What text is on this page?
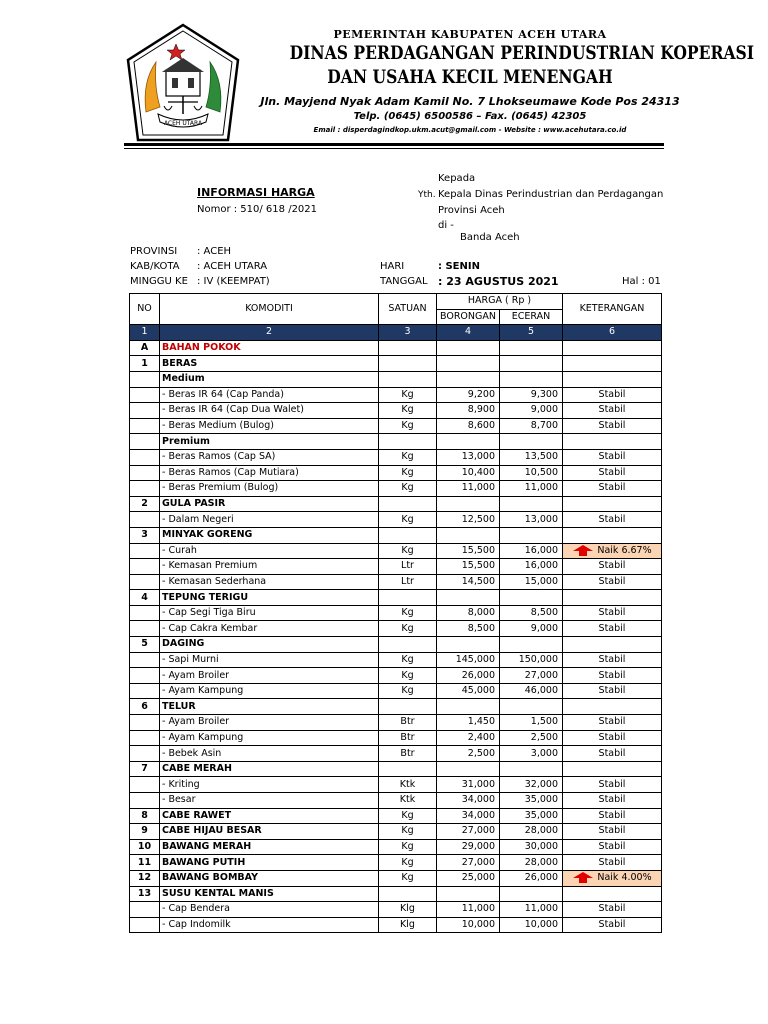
ACEH UTARA
PEMERINTAH KABUPATEN ACEH UTARA
DINAS PERDAGANGAN PERINDUSTRIAN KOPERASI
DAN USAHA KECIL MENENGAH
Jln. Mayjend Nyak Adam Kamil No. 7 Lhokseumawe Kode Pos 24313
Telp. (0645) 6500586 – Fax. (0645) 42305
Email : disperdagindkop.ukm.acut@gmail.com - Website : www.acehutara.co.id
INFORMASI HARGA
Nomor : 510/ 618 /2021
Kepada
Yth. Kepala Dinas Perindustrian dan Perdagangan
Provinsi Aceh
di -
Banda Aceh
PROVINSI : ACEH
KAB/KOTA : ACEH UTARA
MINGGU KE : IV (KEEMPAT)
HARI	: SENIN
TANGGAL : 23 AGUSTUS 2021	Hal : 01
NO	KOMODITI	SATUAN	HARGA ( Rp )		KETERANGAN
			BORONGAN	ECERAN	
1	2	3	4	5	6
A	BAHAN POKOK				
1	BERAS				
	Medium				
	- Beras IR 64 (Cap Panda)	Kg	9,200	9,300	Stabil
	- Beras IR 64 (Cap Dua Walet)	Kg	8,900	9,000	Stabil
	- Beras Medium (Bulog)	Kg	8,600	8,700	Stabil
	Premium				
	- Beras Ramos (Cap SA)	Kg	13,000	13,500	Stabil
	- Beras Ramos (Cap Mutiara)	Kg	10,400	10,500	Stabil
	- Beras Premium (Bulog)	Kg	11,000	11,000	Stabil
2	GULA PASIR				
	- Dalam Negeri	Kg	12,500	13,000	Stabil
3	MINYAK GORENG				
	- Curah	Kg	15,500	16,000	Naik 6.67%
	- Kemasan Premium	Ltr	15,500	16,000	Stabil
	- Kemasan Sederhana	Ltr	14,500	15,000	Stabil
4	TEPUNG TERIGU				
	- Cap Segi Tiga Biru	Kg	8,000	8,500	Stabil
	- Cap Cakra Kembar	Kg	8,500	9,000	Stabil
5	DAGING				
	- Sapi Murni	Kg	145,000	150,000	Stabil
	- Ayam Broiler	Kg	26,000	27,000	Stabil
	- Ayam Kampung	Kg	45,000	46,000	Stabil
6	TELUR				
	- Ayam Broiler	Btr	1,450	1,500	Stabil
	- Ayam Kampung	Btr	2,400	2,500	Stabil
	- Bebek Asin	Btr	2,500	3,000	Stabil
7	CABE MERAH				
	- Kriting	Ktk	31,000	32,000	Stabil
	- Besar	Ktk	34,000	35,000	Stabil
8	CABE RAWET	Kg	34,000	35,000	Stabil
9	CABE HIJAU BESAR	Kg	27,000	28,000	Stabil
10	BAWANG MERAH	Kg	29,000	30,000	Stabil
11	BAWANG PUTIH	Kg	27,000	28,000	Stabil
12	BAWANG BOMBAY	Kg	25,000	26,000	Naik 4.00%
13	SUSU KENTAL MANIS				
	- Cap Bendera	Klg	11,000	11,000	Stabil
	- Cap Indomilk	Klg	10,000	10,000	Stabil
